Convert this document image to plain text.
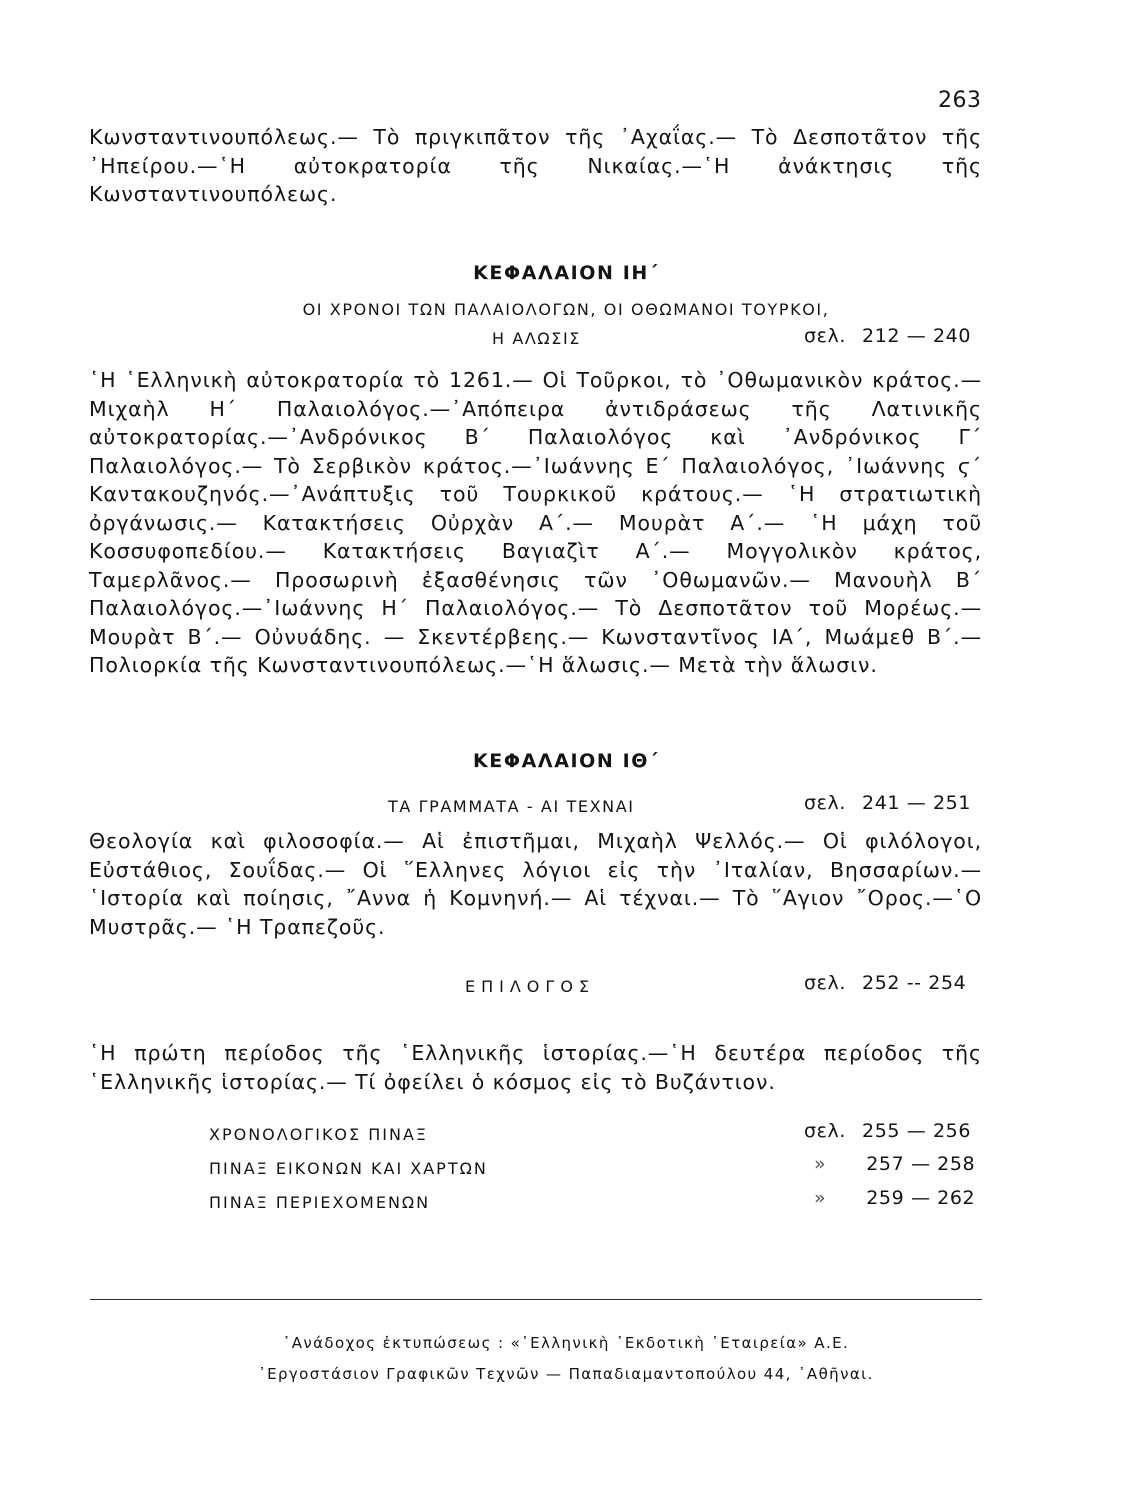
263

Κωνσταντινουπόλεως.— Τὸ πριγκιπᾶτον τῆς ᾿Αχαΐας.— Τὸ Δεσποτᾶτον τῆς ᾿Ηπείρου.—῾Η αὐτοκρατορία τῆς Νικαίας.—῾Η ἀνάκτησις τῆς Κωνσταντινουπόλεως.

ΚΕΦΑΛΑΙΟΝ ΙΗ΄
ΟΙ ΧΡΟΝΟΙ ΤΩΝ ΠΑΛΑΙΟΛΟΓΩΝ, ΟΙ ΟΘΩΜΑΝΟΙ ΤΟΥΡΚΟΙ,
Η ΑΛΩΣΙΣ	σελ. 212 — 240

῾Η ῾Ελληνικὴ αὐτοκρατορία τὸ 1261.— Οἱ Τοῦρκοι, τὸ ᾿Οθωμανικὸν κράτος.— Μιχαὴλ Η΄ Παλαιολόγος.—᾿Απόπειρα ἀντιδράσεως τῆς Λατινικῆς αὐτοκρατορίας.—᾿Ανδρόνικος Β΄ Παλαιολόγος καὶ ᾿Ανδρόνικος Γ΄ Παλαιολόγος.— Τὸ Σερβικὸν κράτος.—᾿Ιωάννης Ε΄ Παλαιολόγος, ᾿Ιωάννης ϛ΄ Καντακουζηνός.—᾿Ανάπτυξις τοῦ Τουρκικοῦ κράτους.— ῾Η στρατιωτικὴ ὀργάνωσις.— Κατακτήσεις Οὐρχὰν Α΄.— Μουρὰτ Α΄.— ῾Η μάχη τοῦ Κοσσυφοπεδίου.— Κατακτήσεις Βαγιαζὶτ Α΄.— Μογγολικὸν κράτος, Ταμερλᾶνος.— Προσωρινὴ ἐξασθένησις τῶν ᾿Οθωμανῶν.— Μανουὴλ Β΄ Παλαιολόγος.—᾿Ιωάννης Η΄ Παλαιολόγος.— Τὸ Δεσποτᾶτον τοῦ Μορέως.— Μουρὰτ Β΄.— Οὐνυάδης. — Σκεντέρβεης.— Κωνσταντῖνος ΙΑ΄, Μωάμεθ Β΄.— Πολιορκία τῆς Κωνσταντινουπόλεως.—῾Η ἅλωσις.— Μετὰ τὴν ἅλωσιν.

ΚΕΦΑΛΑΙΟΝ ΙΘ΄
ΤΑ ΓΡΑΜΜΑΤΑ - ΑΙ ΤΕΧΝΑΙ	σελ. 241 — 251

Θεολογία καὶ φιλοσοφία.— Αἱ ἐπιστῆμαι, Μιχαὴλ Ψελλός.— Οἱ φιλόλογοι, Εὐστάθιος, Σουΐδας.— Οἱ ῞Ελληνες λόγιοι εἰς τὴν ᾿Ιταλίαν, Βησσαρίων.—῾Ιστορία καὶ ποίησις, ῎Αννα ἡ Κομνηνή.— Αἱ τέχναι.— Τὸ ῞Αγιον ῎Ορος.—῾Ο Μυστρᾶς.— ῾Η Τραπεζοῦς.

ΕΠΙΛΟΓΟΣ	σελ. 252 -- 254

῾Η πρώτη περίοδος τῆς ῾Ελληνικῆς ἱστορίας.—῾Η δευτέρα περίοδος τῆς ῾Ελληνικῆς ἱστορίας.— Τί ὀφείλει ὁ κόσμος εἰς τὸ Βυζάντιον.

ΧΡΟΝΟΛΟΓΙΚΟΣ ΠΙΝΑΞ	σελ. 255 — 256
ΠΙΝΑΞ ΕΙΚΟΝΩΝ ΚΑΙ ΧΑΡΤΩΝ	» 257 — 258
ΠΙΝΑΞ ΠΕΡΙΕΧΟΜΕΝΩΝ	» 259 — 262
᾿Ανάδοχος ἐκτυπώσεως : «῾Ελληνικὴ ᾿Εκδοτικὴ ῾Εταιρεία» Α.Ε.
᾿Εργοστάσιον Γραφικῶν Τεχνῶν — Παπαδιαμαντοπούλου 44, ᾿Αθῆναι.
